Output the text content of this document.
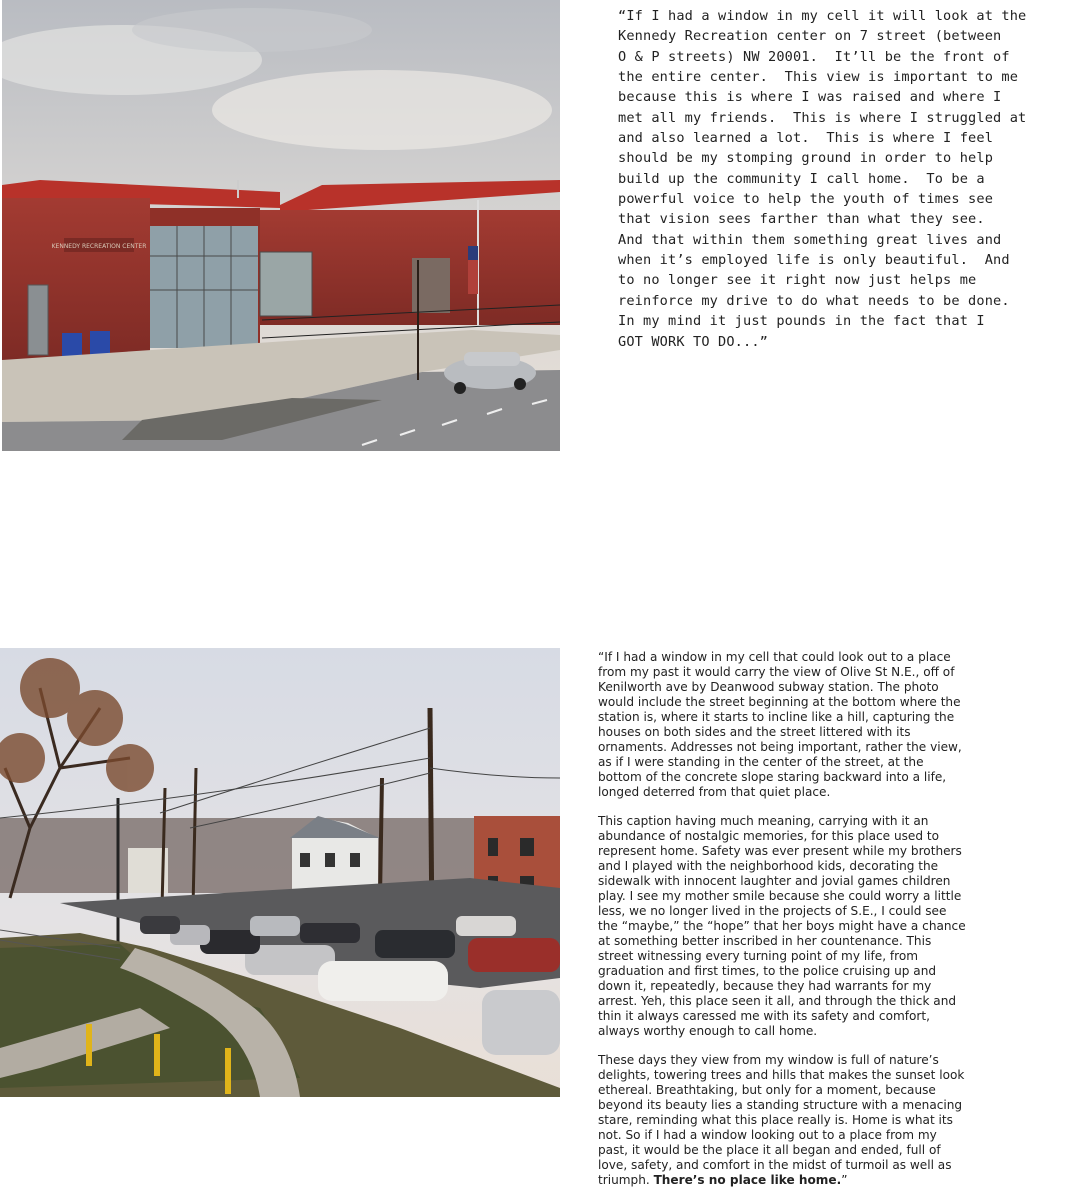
KENNEDY RECREATION CENTER

“If I had a window in my cell it will look at the
Kennedy Recreation center on 7 street (between
O & P streets) NW 20001.  It’ll be the front of
the entire center.  This view is important to me
because this is where I was raised and where I
met all my friends.  This is where I struggled at
and also learned a lot.  This is where I feel
should be my stomping ground in order to help
build up the community I call home.  To be a
powerful voice to help the youth of times see
that vision sees farther than what they see.
And that within them something great lives and
when it’s employed life is only beautiful.  And
to no longer see it right now just helps me
reinforce my drive to do what needs to be done.
In my mind it just pounds in the fact that I
GOT WORK TO DO...”

“If I had a window in my cell that could look out to a place
from my past it would carry the view of Olive St N.E., off of
Kenilworth ave by Deanwood subway station. The photo
would include the street beginning at the bottom where the
station is, where it starts to incline like a hill, capturing the
houses on both sides and the street littered with its
ornaments. Addresses not being important, rather the view,
as if I were standing in the center of the street, at the
bottom of the concrete slope staring backward into a life,
longed deterred from that quiet place.

This caption having much meaning, carrying with it an
abundance of nostalgic memories, for this place used to
represent home. Safety was ever present while my brothers
and I played with the neighborhood kids, decorating the
sidewalk with innocent laughter and jovial games children
play. I see my mother smile because she could worry a little
less, we no longer lived in the projects of S.E., I could see
the “maybe,” the “hope” that her boys might have a chance
at something better inscribed in her countenance. This
street witnessing every turning point of my life, from
graduation and first times, to the police cruising up and
down it, repeatedly, because they had warrants for my
arrest. Yeh, this place seen it all, and through the thick and
thin it always caressed me with its safety and comfort,
always worthy enough to call home.

These days they view from my window is full of nature’s
delights, towering trees and hills that makes the sunset look
ethereal. Breathtaking, but only for a moment, because
beyond its beauty lies a standing structure with a menacing
stare, reminding what this place really is. Home is what its
not. So if I had a window looking out to a place from my
past, it would be the place it all began and ended, full of
love, safety, and comfort in the midst of turmoil as well as
triumph. There’s no place like home.”
